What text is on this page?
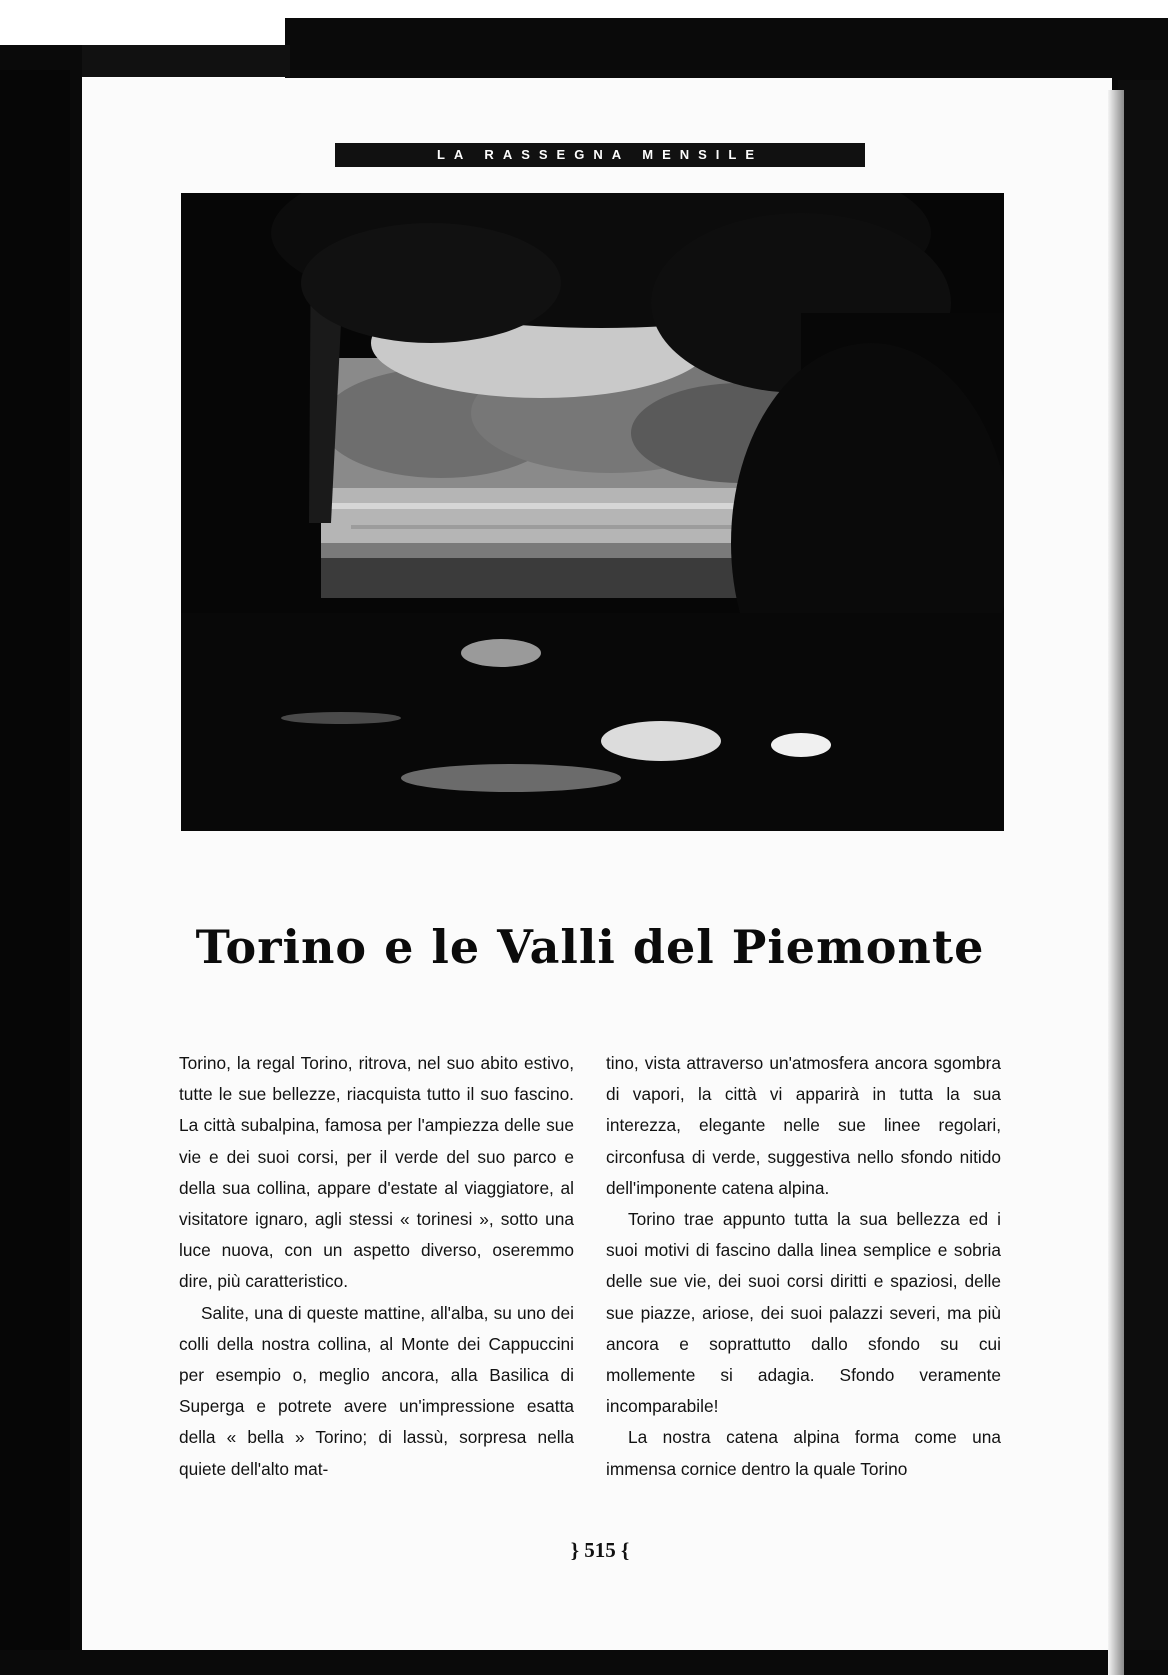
LA RASSEGNA MENSILE
Torino e le Valli del Piemonte

Torino, la regal Torino, ritrova, nel suo abito estivo, tutte le sue bellezze, riacquista tutto il suo fascino. La città subalpina, famosa per l'ampiezza delle sue vie e dei suoi corsi, per il verde del suo parco e della sua collina, appare d'estate al viaggiatore, al visitatore ignaro, agli stessi « torinesi », sotto una luce nuova, con un aspetto diverso, oseremmo dire, più caratteristico.

Salite, una di queste mattine, all'alba, su uno dei colli della nostra collina, al Monte dei Cappuccini per esempio o, meglio ancora, alla Basilica di Superga e potrete avere un'impressione esatta della « bella » Torino; di lassù, sorpresa nella quiete dell'alto mat-

tino, vista attraverso un'atmosfera ancora sgombra di vapori, la città vi apparirà in tutta la sua interezza, elegante nelle sue linee regolari, circonfusa di verde, suggestiva nello sfondo nitido dell'imponente catena alpina.

Torino trae appunto tutta la sua bellezza ed i suoi motivi di fascino dalla linea semplice e sobria delle sue vie, dei suoi corsi diritti e spaziosi, delle sue piazze, ariose, dei suoi palazzi severi, ma più ancora e soprattutto dallo sfondo su cui mollemente si adagia. Sfondo veramente incomparabile!

La nostra catena alpina forma come una immensa cornice dentro la quale Torino

} 515 {
